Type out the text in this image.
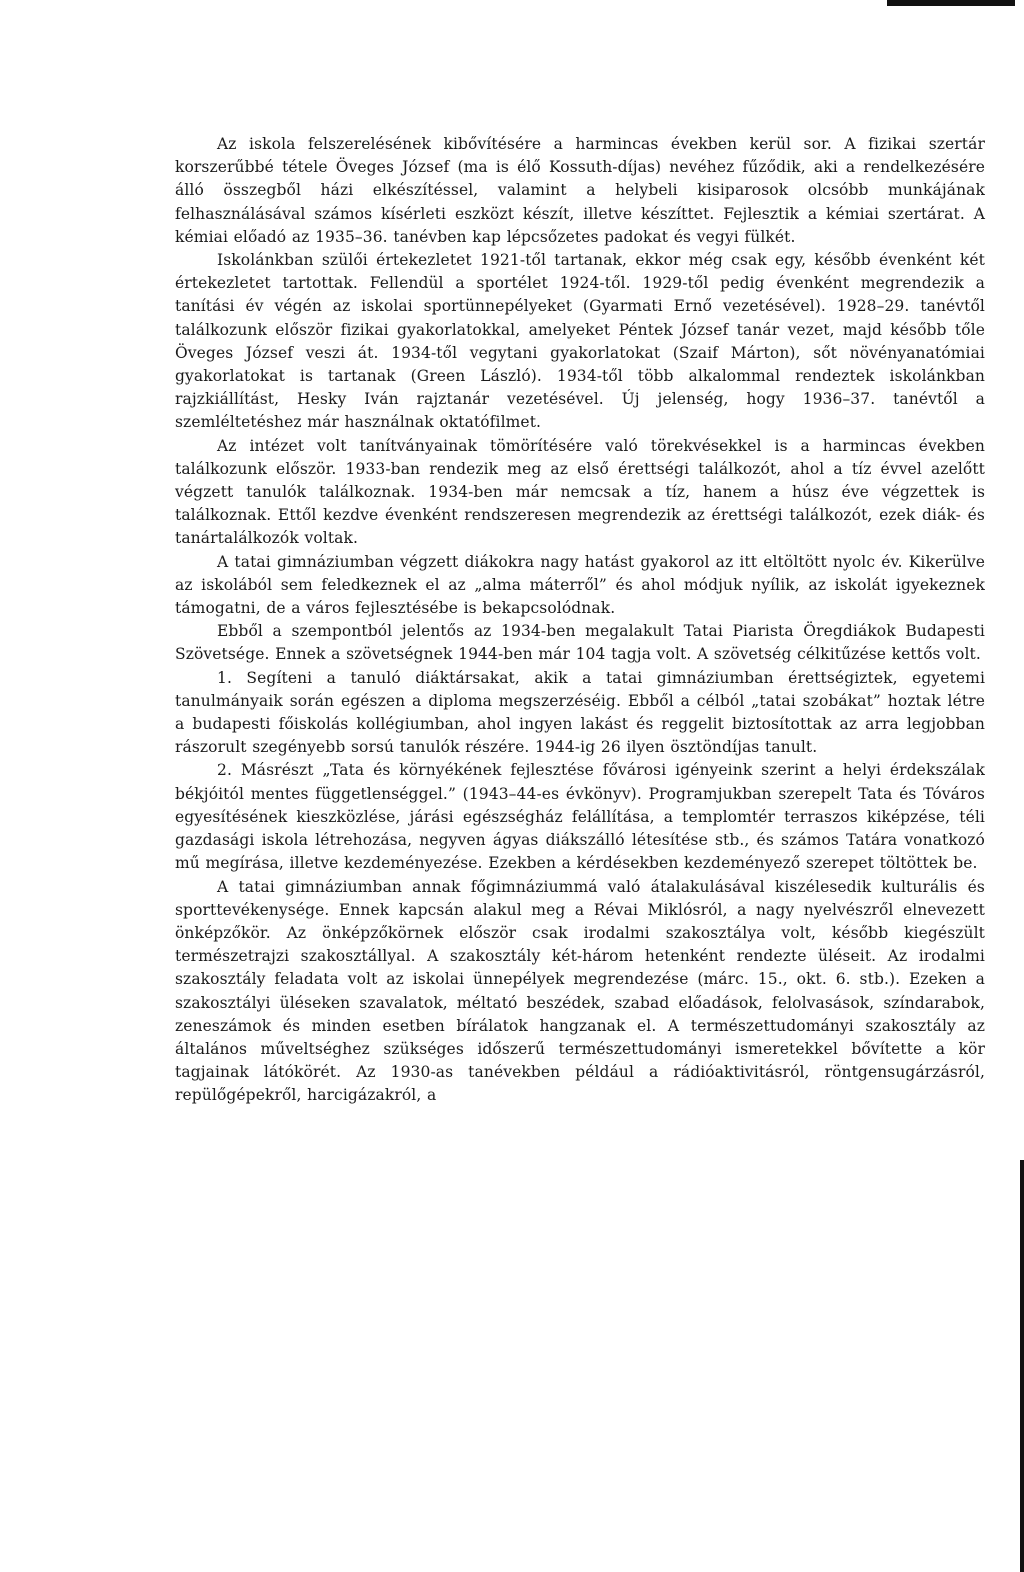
Az iskola felszerelésének kibővítésére a harmincas években kerül sor. A fizikai szertár korszerűbbé tétele Öveges József (ma is élő Kossuth-díjas) nevéhez fűződik, aki a rendelkezésére álló összegből házi elkészítéssel, valamint a helybeli kisiparosok olcsóbb munkájának felhasználásával számos kísérleti eszközt készít, illetve készíttet. Fejlesztik a kémiai szertárat. A kémiai előadó az 1935–36. tanévben kap lépcsőzetes padokat és vegyi fülkét.

Iskolánkban szülői értekezletet 1921-től tartanak, ekkor még csak egy, később évenként két értekezletet tartottak. Fellendül a sportélet 1924-től. 1929-től pedig évenként megrendezik a tanítási év végén az iskolai sportünnepélyeket (Gyarmati Ernő vezetésével). 1928–29. tanévtől találkozunk először fizikai gyakorlatokkal, amelyeket Péntek József tanár vezet, majd később tőle Öveges József veszi át. 1934-től vegytani gyakorlatokat (Szaif Márton), sőt növényanatómiai gyakorlatokat is tartanak (Green László). 1934-től több alkalommal rendeztek iskolánkban rajzkiállítást, Hesky Iván rajztanár vezetésével. Új jelenség, hogy 1936–37. tanévtől a szemléltetéshez már használnak oktatófilmet.

Az intézet volt tanítványainak tömörítésére való törekvésekkel is a harmincas években találkozunk először. 1933-ban rendezik meg az első érettségi találkozót, ahol a tíz évvel azelőtt végzett tanulók találkoznak. 1934-ben már nemcsak a tíz, hanem a húsz éve végzettek is találkoznak. Ettől kezdve évenként rendszeresen megrendezik az érettségi találkozót, ezek diák- és tanártalálkozók voltak.

A tatai gimnáziumban végzett diákokra nagy hatást gyakorol az itt eltöltött nyolc év. Kikerülve az iskolából sem feledkeznek el az „alma máterről” és ahol módjuk nyílik, az iskolát igyekeznek támogatni, de a város fejlesztésébe is bekapcsolódnak.

Ebből a szempontból jelentős az 1934-ben megalakult Tatai Piarista Öregdiákok Budapesti Szövetsége. Ennek a szövetségnek 1944-ben már 104 tagja volt. A szövetség célkitűzése kettős volt.

1. Segíteni a tanuló diáktársakat, akik a tatai gimnáziumban érettségiztek, egyetemi tanulmányaik során egészen a diploma megszerzéséig. Ebből a célból „tatai szobákat” hoztak létre a budapesti főiskolás kollégiumban, ahol ingyen lakást és reggelit biztosítottak az arra legjobban rászorult szegényebb sorsú tanulók részére. 1944-ig 26 ilyen ösztöndíjas tanult.

2. Másrészt „Tata és környékének fejlesztése fővárosi igényeink szerint a helyi érdekszálak békjóitól mentes függetlenséggel.” (1943–44-es évkönyv). Programjukban szerepelt Tata és Tóváros egyesítésének kieszközlése, járási egészségház felállítása, a templomtér terraszos kiképzése, téli gazdasági iskola létrehozása, negyven ágyas diákszálló létesítése stb., és számos Tatára vonatkozó mű megírása, illetve kezdeményezése. Ezekben a kérdésekben kezdeményező szerepet töltöttek be.

A tatai gimnáziumban annak főgimnáziummá való átalakulásával kiszélesedik kulturális és sporttevékenysége. Ennek kapcsán alakul meg a Révai Miklósról, a nagy nyelvészről elnevezett önképzőkör. Az önképzőkörnek először csak irodalmi szakosztálya volt, később kiegészült természetrajzi szakosztállyal. A szakosztály két-három hetenként rendezte üléseit. Az irodalmi szakosztály feladata volt az iskolai ünnepélyek megrendezése (márc. 15., okt. 6. stb.). Ezeken a szakosztályi üléseken szavalatok, méltató beszédek, szabad előadások, felolvasások, színdarabok, zeneszámok és minden esetben bírálatok hangzanak el. A természettudományi szakosztály az általános műveltséghez szükséges időszerű természettudományi ismeretekkel bővítette a kör tagjainak látókörét. Az 1930-as tanévekben például a rádióaktivitásról, röntgensugárzásról, repülőgépekről, harcigázakról, a
